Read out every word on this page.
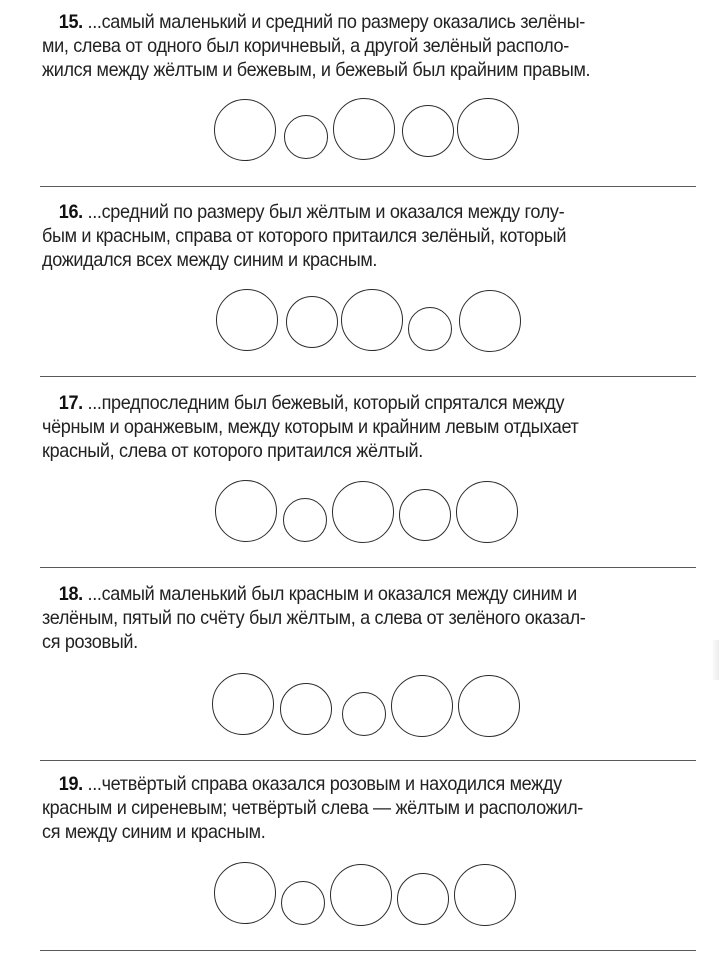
15. ...самый маленький и средний по размеру оказались зелёны-
ми, слева от одного был коричневый, а другой зелёный располо-
жился между жёлтым и бежевым, и бежевый был крайним правым.
16. ...средний по размеру был жёлтым и оказался между голу-
бым и красным, справа от которого притаился зелёный, который
дожидался всех между синим и красным.
17. ...предпоследним был бежевый, который спрятался между
чёрным и оранжевым, между которым и крайним левым отдыхает
красный, слева от которого притаился жёлтый.
18. ...самый маленький был красным и оказался между синим и
зелёным, пятый по счёту был жёлтым, а слева от зелёного оказал-
ся розовый.
19. ...четвёртый справа оказался розовым и находился между
красным и сиреневым; четвёртый слева — жёлтым и расположил-
ся между синим и красным.
